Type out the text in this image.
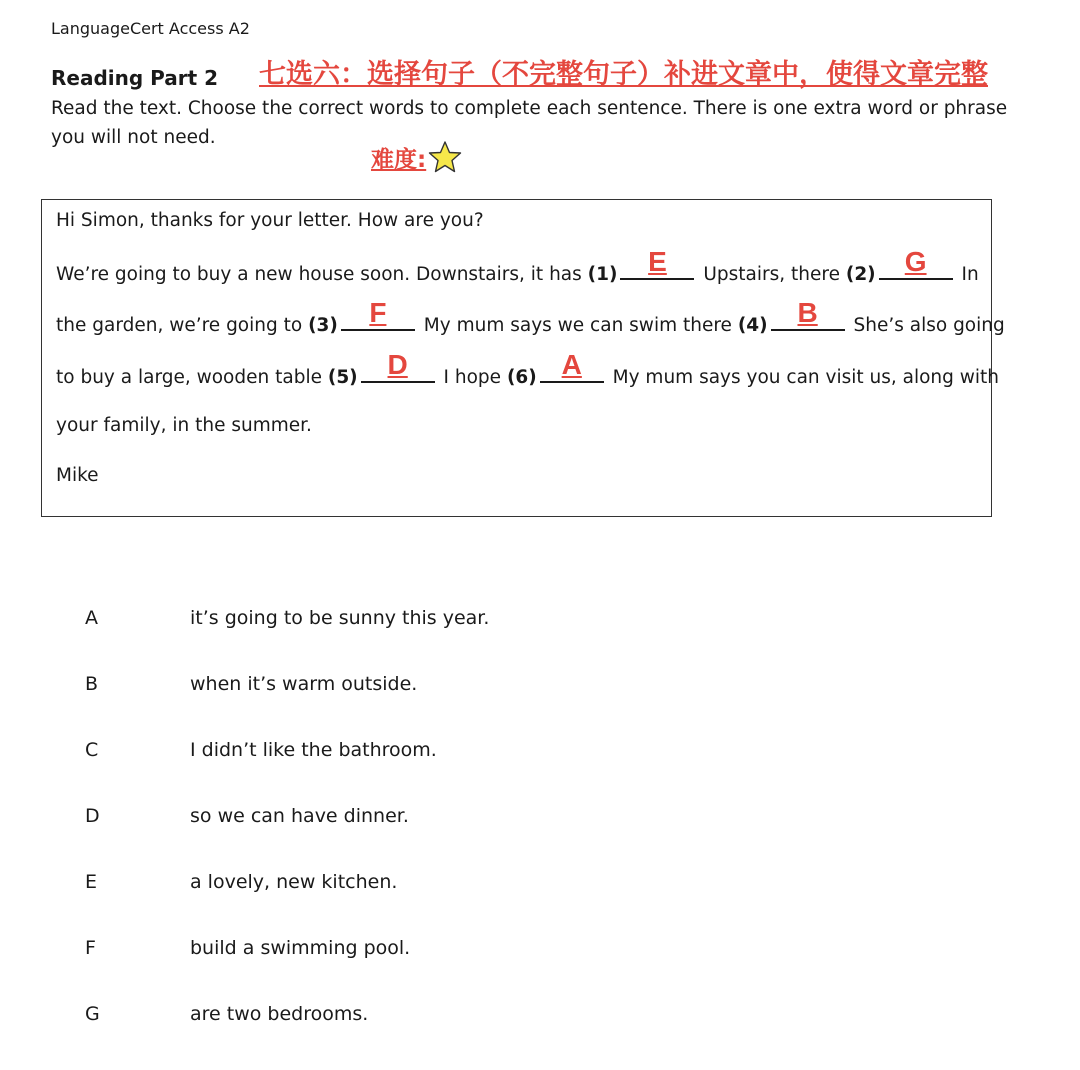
LanguageCert Access A2
Reading Part 2 七选六：选择句子（不完整句子）补进文章中，使得文章完整
Read the text. Choose the correct words to complete each sentence. There is one extra word or phrase you will not need.
难度:
Hi Simon, thanks for your letter. How are you?
We’re going to buy a new house soon. Downstairs, it has (1)	E	Upstairs, there (2)	G	In
the garden, we’re going to (3)	F	My mum says we can swim there (4)	B	She’s also going
to buy a large, wooden table (5)	D	I hope (6) A	My mum says you can visit us, along with
your family, in the summer.
Mike
A	it’s going to be sunny this year.
B	when it’s warm outside.
C	I didn’t like the bathroom.
D	so we can have dinner.
E	a lovely, new kitchen.
F	build a swimming pool.
G	are two bedrooms.
